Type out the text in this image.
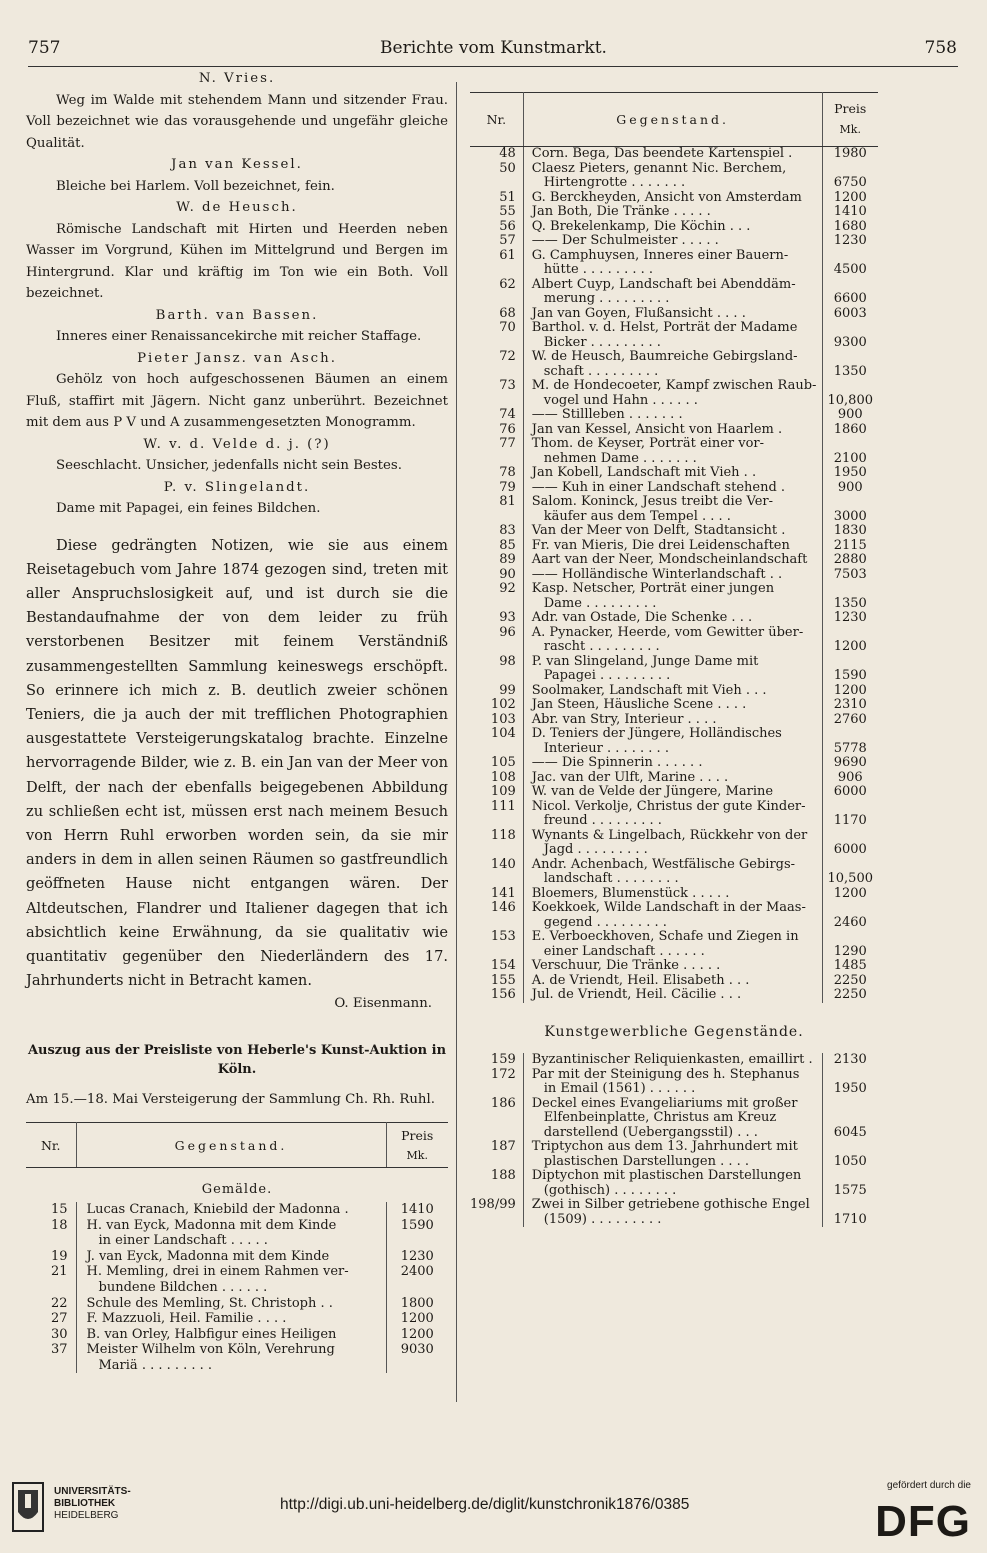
757	Berichte vom Kunstmarkt.	758

N. Vries.

Weg im Walde mit stehendem Mann und sitzender Frau. Voll bezeichnet wie das vorausgehende und ungefähr gleiche Qualität.

Jan van Kessel.

Bleiche bei Harlem. Voll bezeichnet, fein.

W. de Heusch.

Römische Landschaft mit Hirten und Heerden neben Wasser im Vorgrund, Kühen im Mittelgrund und Bergen im Hintergrund. Klar und kräftig im Ton wie ein Both. Voll bezeichnet.

Barth. van Bassen.

Inneres einer Renaissancekirche mit reicher Staffage.

Pieter Jansz. van Asch.

Gehölz von hoch aufgeschossenen Bäumen an einem Fluß, staffirt mit Jägern. Nicht ganz unberührt. Bezeichnet mit dem aus P V und A zusammengesetzten Monogramm.

W. v. d. Velde d. j. (?)

Seeschlacht. Unsicher, jedenfalls nicht sein Bestes.

P. v. Slingelandt.

Dame mit Papagei, ein feines Bildchen.

Diese gedrängten Notizen, wie sie aus einem Reisetagebuch vom Jahre 1874 gezogen sind, treten mit aller Anspruchslosigkeit auf, und ist durch sie die Bestandaufnahme der von dem leider zu früh verstorbenen Besitzer mit feinem Verständniß zusammengestellten Sammlung keineswegs erschöpft. So erinnere ich mich z. B. deutlich zweier schönen Teniers, die ja auch der mit trefflichen Photographien ausgestattete Versteigerungskatalog brachte. Einzelne hervorragende Bilder, wie z. B. ein Jan van der Meer von Delft, der nach der ebenfalls beigegebenen Abbildung zu schließen echt ist, müssen erst nach meinem Besuch von Herrn Ruhl erworben worden sein, da sie mir anders in dem in allen seinen Räumen so gastfreundlich geöffneten Hause nicht entgangen wären. Der Altdeutschen, Flandrer und Italiener dagegen that ich absichtlich keine Erwähnung, da sie qualitativ wie quantitativ gegenüber den Niederländern des 17. Jahrhunderts nicht in Betracht kamen.

O. Eisenmann.

Auszug aus der Preisliste von Heberle's Kunst-Auktion in Köln.

Am 15.—18. Mai Versteigerung der Sammlung Ch. Rh. Ruhl.

Nr.	Gegenstand.	Preis
Mk.
Gemälde.		
15	Lucas Cranach, Kniebild der Madonna .	1410
18	H. van Eyck, Madonna mit dem Kinde
in einer Landschaft . . . . .	1590
19	J. van Eyck, Madonna mit dem Kinde	1230
21	H. Memling, drei in einem Rahmen ver-
bundene Bildchen . . . . . .	2400
22	Schule des Memling, St. Christoph . .	1800
27	F. Mazzuoli, Heil. Familie . . . .	1200
30	B. van Orley, Halbfigur eines Heiligen	1200
37	Meister Wilhelm von Köln, Verehrung
Mariä . . . . . . . . .	9030
Nr.	Gegenstand.	Preis
Mk.
48	Corn. Bega, Das beendete Kartenspiel .	1980
50	Claesz Pieters, genannt Nic. Berchem,
Hirtengrotte . . . . . . .	6750
51	G. Berckheyden, Ansicht von Amsterdam	1200
55	Jan Both, Die Tränke . . . . .	1410
56	Q. Brekelenkamp, Die Köchin . . .	1680
57	—— Der Schulmeister . . . . .	1230
61	G. Camphuysen, Inneres einer Bauern-
hütte . . . . . . . . .	4500
62	Albert Cuyp, Landschaft bei Abenddäm-
merung . . . . . . . . .	6600
68	Jan van Goyen, Flußansicht . . . .	6003
70	Barthol. v. d. Helst, Porträt der Madame
Bicker . . . . . . . . .	9300
72	W. de Heusch, Baumreiche Gebirgsland-
schaft . . . . . . . . .	1350
73	M. de Hondecoeter, Kampf zwischen Raub-
vogel und Hahn . . . . . .	10,800
74	—— Stillleben . . . . . . .	900
76	Jan van Kessel, Ansicht von Haarlem .	1860
77	Thom. de Keyser, Porträt einer vor-
nehmen Dame . . . . . . .	2100
78	Jan Kobell, Landschaft mit Vieh . .	1950
79	—— Kuh in einer Landschaft stehend .	900
81	Salom. Koninck, Jesus treibt die Ver-
käufer aus dem Tempel . . . .	3000
83	Van der Meer von Delft, Stadtansicht .	1830
85	Fr. van Mieris, Die drei Leidenschaften	2115
89	Aart van der Neer, Mondscheinlandschaft	2880
90	—— Holländische Winterlandschaft . .	7503
92	Kasp. Netscher, Porträt einer jungen
Dame . . . . . . . . .	1350
93	Adr. van Ostade, Die Schenke . . .	1230
96	A. Pynacker, Heerde, vom Gewitter über-
rascht . . . . . . . . .	1200
98	P. van Slingeland, Junge Dame mit
Papagei . . . . . . . . .	1590
99	Soolmaker, Landschaft mit Vieh . . .	1200
102	Jan Steen, Häusliche Scene . . . .	2310
103	Abr. van Stry, Interieur . . . .	2760
104	D. Teniers der Jüngere, Holländisches
Interieur . . . . . . . .	5778
105	—— Die Spinnerin . . . . . .	9690
108	Jac. van der Ulft, Marine . . . .	906
109	W. van de Velde der Jüngere, Marine	6000
111	Nicol. Verkolje, Christus der gute Kinder-
freund . . . . . . . . .	1170
118	Wynants & Lingelbach, Rückkehr von der
Jagd . . . . . . . . .	6000
140	Andr. Achenbach, Westfälische Gebirgs-
landschaft . . . . . . . .	10,500
141	Bloemers, Blumenstück . . . . .	1200
146	Koekkoek, Wilde Landschaft in der Maas-
gegend . . . . . . . . .	2460
153	E. Verboeckhoven, Schafe und Ziegen in
einer Landschaft . . . . . .	1290
154	Verschuur, Die Tränke . . . . .	1485
155	A. de Vriendt, Heil. Elisabeth . . .	2250
156	Jul. de Vriendt, Heil. Cäcilie . . .	2250
Kunstgewerbliche Gegenstände.		
159	Byzantinischer Reliquienkasten, emaillirt .	2130
172	Par mit der Steinigung des h. Stephanus
in Email (1561) . . . . . .	1950
186	Deckel eines Evangeliariums mit großer
Elfenbeinplatte, Christus am Kreuz
darstellend (Uebergangsstil) . . .	6045
187	Triptychon aus dem 13. Jahrhundert mit
plastischen Darstellungen . . . .	1050
188	Diptychon mit plastischen Darstellungen
(gothisch) . . . . . . . .	1575
198/99	Zwei in Silber getriebene gothische Engel
(1509) . . . . . . . . .	1710
UNIVERSITÄTS-
BIBLIOTHEK
HEIDELBERG
http://digi.ub.uni-heidelberg.de/diglit/kunstchronik1876/0385
gefördert durch die
DFG
